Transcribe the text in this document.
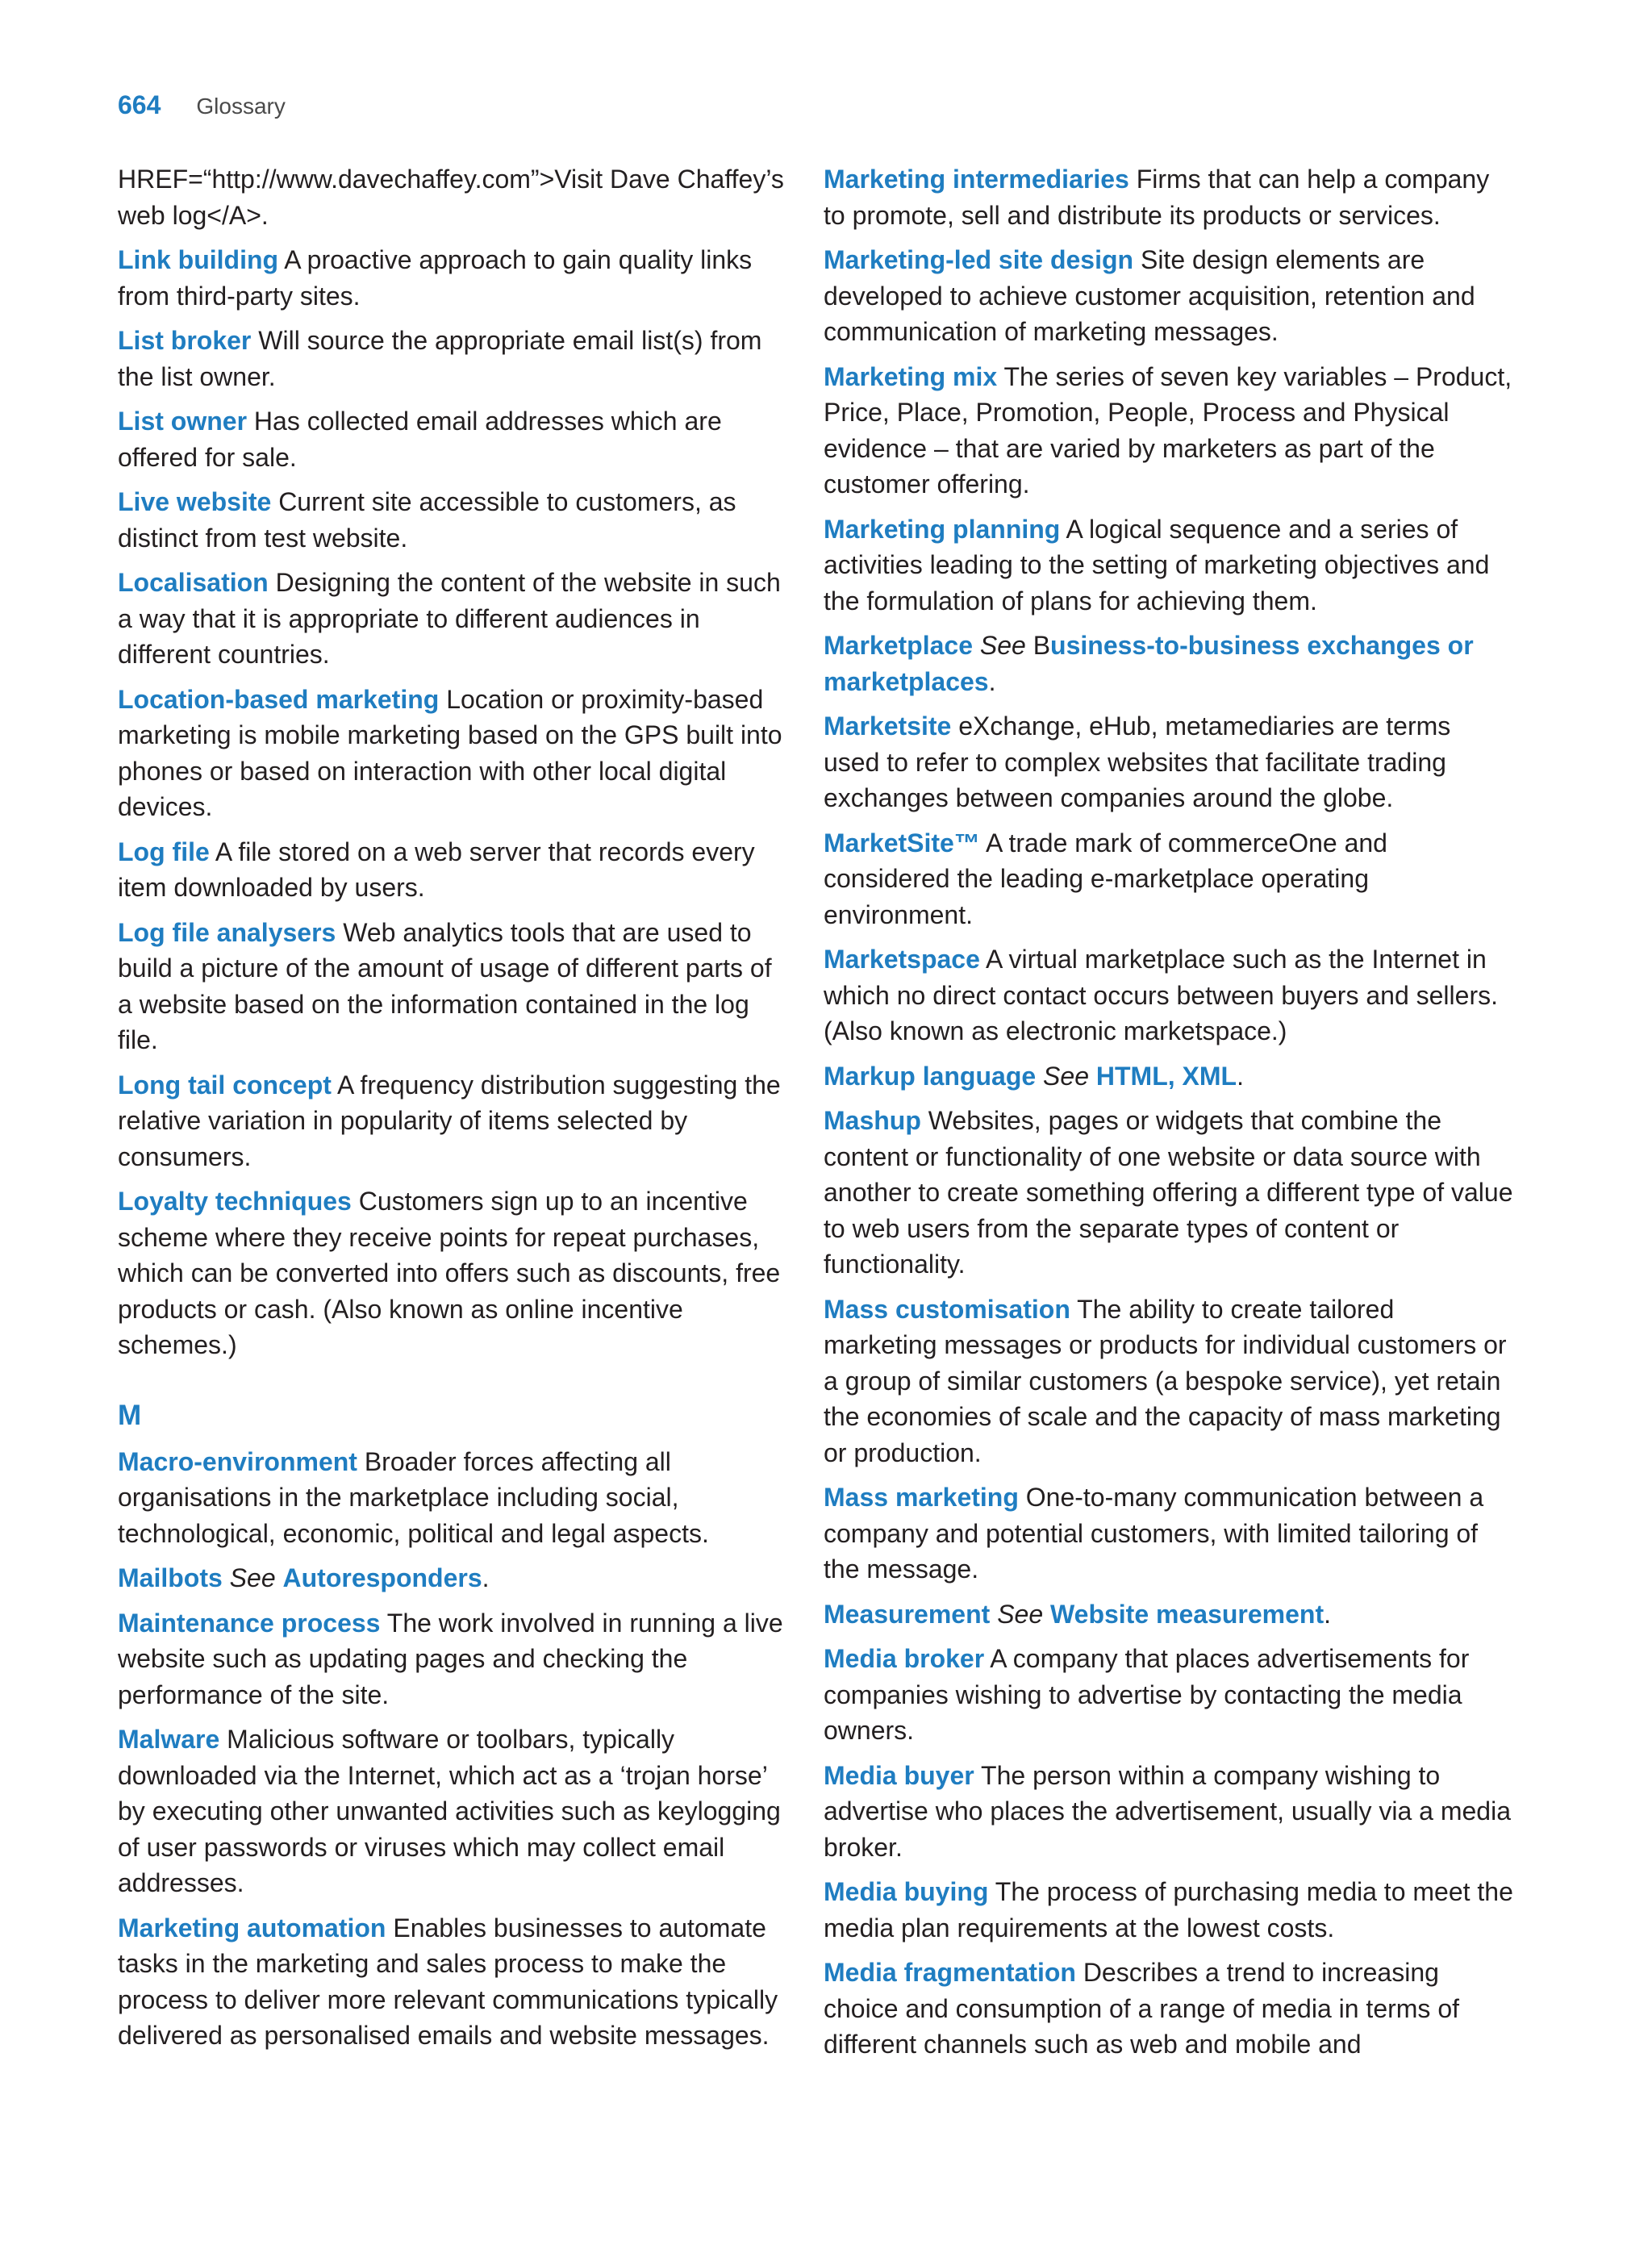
664 Glossary

HREF=“http://www.davechaffey.com”>Visit Dave Chaffey’s web log</A>.

Link building A proactive approach to gain quality links from third-party sites.

List broker Will source the appropriate email list(s) from the list owner.

List owner Has collected email addresses which are offered for sale.

Live website Current site accessible to customers, as distinct from test website.

Localisation Designing the content of the website in such a way that it is appropriate to different audiences in different countries.

Location-based marketing Location or proximity-based marketing is mobile marketing based on the GPS built into phones or based on interaction with other local digital devices.

Log file A file stored on a web server that records every item downloaded by users.

Log file analysers Web analytics tools that are used to build a picture of the amount of usage of different parts of a website based on the information contained in the log file.

Long tail concept A frequency distribution suggesting the relative variation in popularity of items selected by consumers.

Loyalty techniques Customers sign up to an incentive scheme where they receive points for repeat purchases, which can be converted into offers such as discounts, free products or cash. (Also known as online incentive schemes.)

M

Macro-environment Broader forces affecting all organisations in the marketplace including social, technological, economic, political and legal aspects.

Mailbots See Autoresponders.

Maintenance process The work involved in running a live website such as updating pages and checking the performance of the site.

Malware Malicious software or toolbars, typically downloaded via the Internet, which act as a ‘trojan horse’ by executing other unwanted activities such as keylogging of user passwords or viruses which may collect email addresses.

Marketing automation Enables businesses to automate tasks in the marketing and sales process to make the process to deliver more relevant communications typically delivered as personalised emails and website messages.

Marketing intermediaries Firms that can help a company to promote, sell and distribute its products or services.

Marketing-led site design Site design elements are developed to achieve customer acquisition, retention and communication of marketing messages.

Marketing mix The series of seven key variables – Product, Price, Place, Promotion, People, Process and Physical evidence – that are varied by marketers as part of the customer offering.

Marketing planning A logical sequence and a series of activities leading to the setting of marketing objectives and the formulation of plans for achieving them.

Marketplace See Business-to-business exchanges or marketplaces.

Marketsite eXchange, eHub, metamediaries are terms used to refer to complex websites that facilitate trading exchanges between companies around the globe.

MarketSite™ A trade mark of commerceOne and considered the leading e-marketplace operating environment.

Marketspace A virtual marketplace such as the Internet in which no direct contact occurs between buyers and sellers. (Also known as electronic marketspace.)

Markup language See HTML, XML.

Mashup Websites, pages or widgets that combine the content or functionality of one website or data source with another to create something offering a different type of value to web users from the separate types of content or functionality.

Mass customisation The ability to create tailored marketing messages or products for individual customers or a group of similar customers (a bespoke service), yet retain the economies of scale and the capacity of mass marketing or production.

Mass marketing One-to-many communication between a company and potential customers, with limited tailoring of the message.

Measurement See Website measurement.

Media broker A company that places advertisements for companies wishing to advertise by contacting the media owners.

Media buyer The person within a company wishing to advertise who places the advertisement, usually via a media broker.

Media buying The process of purchasing media to meet the media plan requirements at the lowest costs.

Media fragmentation Describes a trend to increasing choice and consumption of a range of media in terms of different channels such as web and mobile and
